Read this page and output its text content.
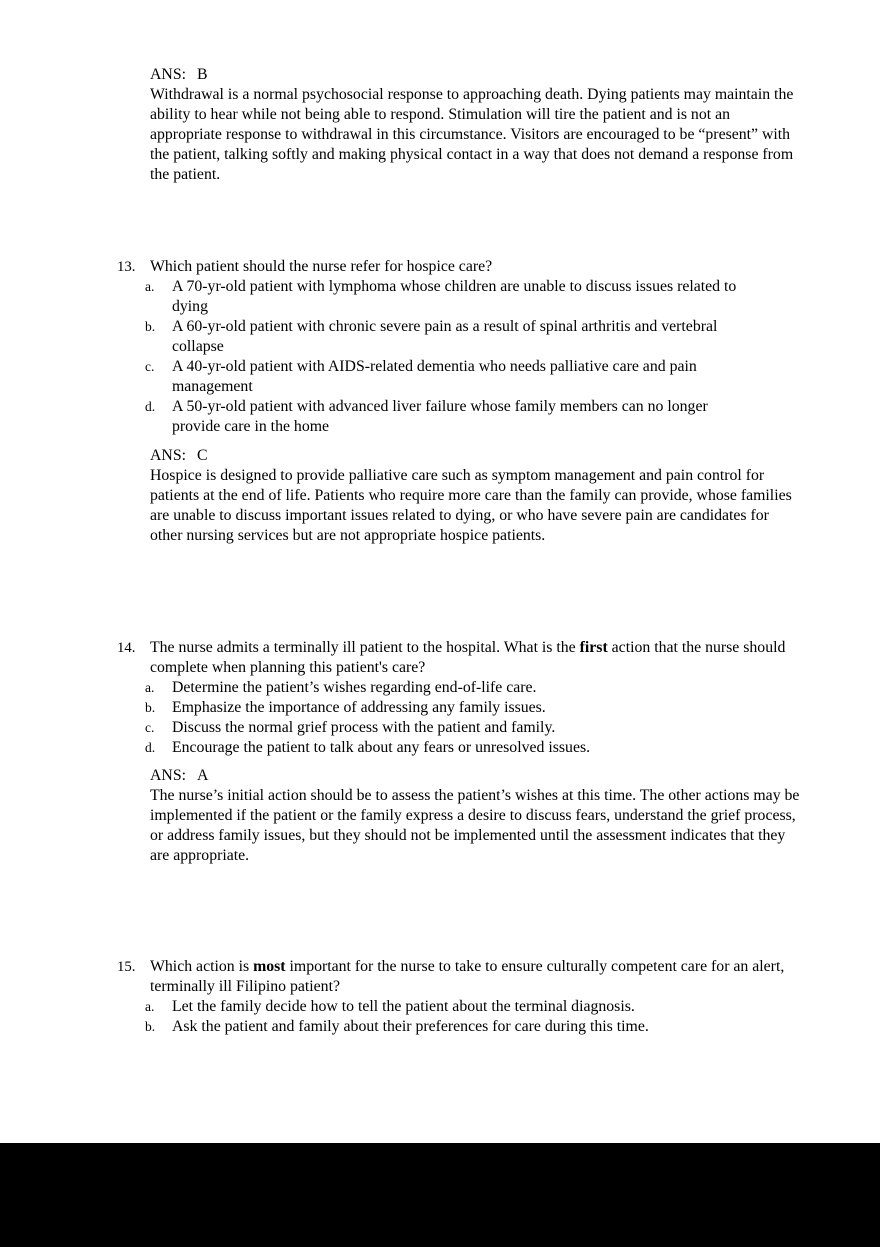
ANS: B

Withdrawal is a normal psychosocial response to approaching death. Dying patients may maintain the ability to hear while not being able to respond. Stimulation will tire the patient and is not an appropriate response to withdrawal in this circumstance. Visitors are encouraged to be “present” with the patient, talking softly and making physical contact in a way that does not demand a response from the patient.

13. Which patient should the nurse refer for hospice care?

a.	A 70-yr-old patient with lymphoma whose children are unable to discuss issues related to dying

b.	A 60-yr-old patient with chronic severe pain as a result of spinal arthritis and vertebral collapse

c.	A 40-yr-old patient with AIDS-related dementia who needs palliative care and pain management

d.	A 50-yr-old patient with advanced liver failure whose family members can no longer provide care in the home

ANS: C

Hospice is designed to provide palliative care such as symptom management and pain control for patients at the end of life. Patients who require more care than the family can provide, whose families are unable to discuss important issues related to dying, or who have severe pain are candidates for other nursing services but are not appropriate hospice patients.

14. The nurse admits a terminally ill patient to the hospital. What is the first action that the nurse should complete when planning this patient's care?

a.	Determine the patient’s wishes regarding end-of-life care.

b.	Emphasize the importance of addressing any family issues.

c.	Discuss the normal grief process with the patient and family.

d.	Encourage the patient to talk about any fears or unresolved issues.

ANS: A

The nurse’s initial action should be to assess the patient’s wishes at this time. The other actions may be implemented if the patient or the family express a desire to discuss fears, understand the grief process, or address family issues, but they should not be implemented until the assessment indicates that they are appropriate.

15. Which action is most important for the nurse to take to ensure culturally competent care for an alert, terminally ill Filipino patient?

a.	Let the family decide how to tell the patient about the terminal diagnosis.

b.	Ask the patient and family about their preferences for care during this time.
